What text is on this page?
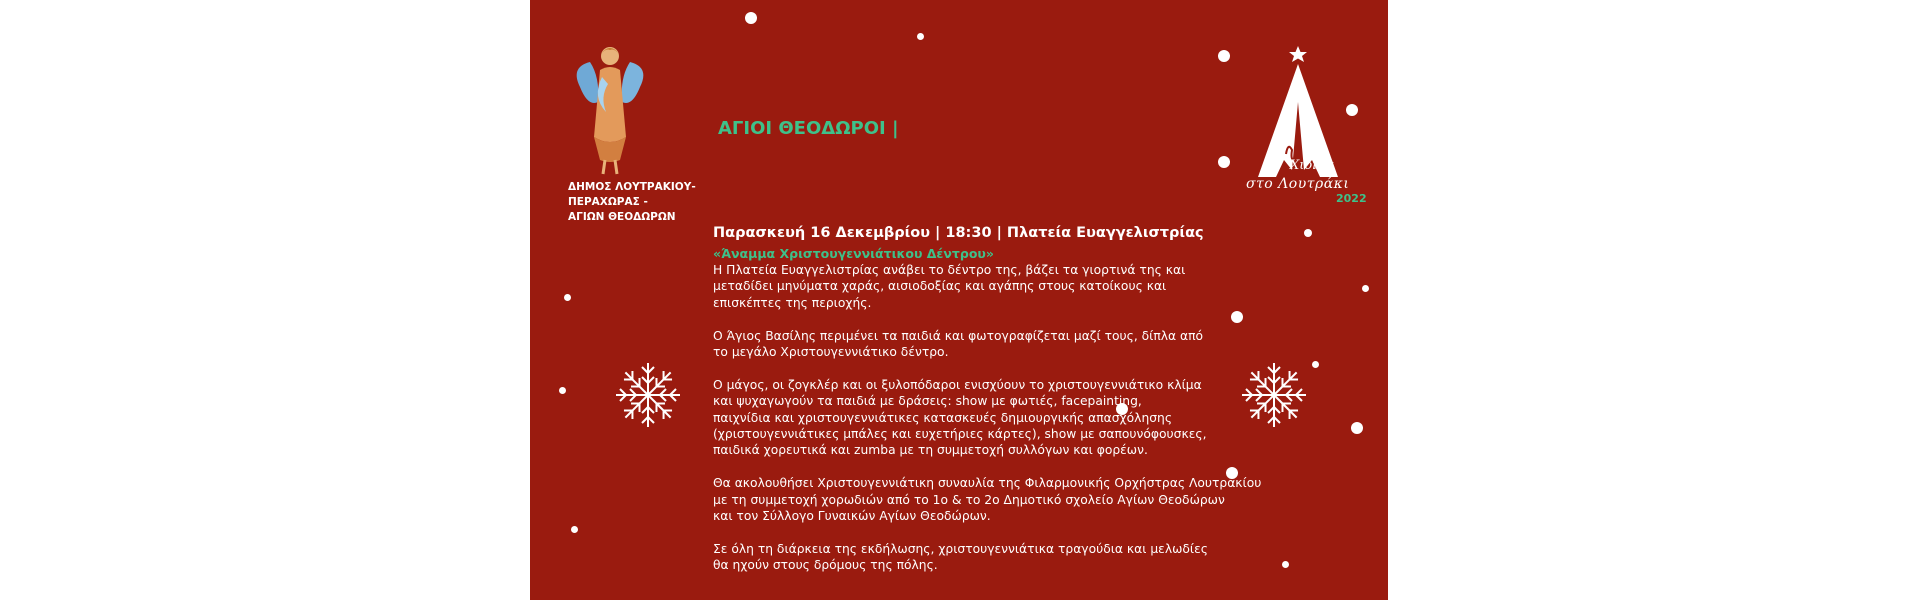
ΔΗΜΟΣ ΛΟΥΤΡΑΚΙΟΥ-
ΠΕΡΑΧΩΡΑΣ -
ΑΓΙΩΝ ΘΕΟΔΩΡΩΝ
ΑΓΙΟΙ ΘΕΟΔΩΡΟΙ |
Παρασκευή 16 Δεκεμβρίου | 18:30 | Πλατεία Ευαγγελιστρίας
«Άναμμα Χριστουγεννιάτικου Δέντρου»

Η Πλατεία Ευαγγελιστρίας ανάβει το δέντρο της, βάζει τα γιορτινά της και
μεταδίδει μηνύματα χαράς, αισιοδοξίας και αγάπης στους κατοίκους και
επισκέπτες της περιοχής.

Ο Άγιος Βασίλης περιμένει τα παιδιά και φωτογραφίζεται μαζί τους, δίπλα από
το μεγάλο Χριστουγεννιάτικο δέντρο.

Ο μάγος, οι ζογκλέρ και οι ξυλοπόδαροι ενισχύουν το χριστουγεννιάτικο κλίμα
και ψυχαγωγούν τα παιδιά με δράσεις: show με φωτιές, facepainting,
παιχνίδια και χριστουγεννιάτικες κατασκευές δημιουργικής απασχόλησης
(χριστουγεννιάτικες μπάλες και ευχετήριες κάρτες), show με σαπουνόφουσκες,
παιδικά χορευτικά και zumba με τη συμμετοχή συλλόγων και φορέων.

Θα ακολουθήσει Χριστουγεννιάτικη συναυλία της Φιλαρμονικής Ορχήστρας Λουτρακίου
με τη συμμετοχή χορωδιών από το 1ο & το 2ο Δημοτικό σχολείο Αγίων Θεοδώρων
και τον Σύλλογο Γυναικών Αγίων Θεοδώρων.

Σε όλη τη διάρκεια της εκδήλωσης, χριστουγεννιάτικα τραγούδια και μελωδίες
θα ηχούν στους δρόμους της πόλης.

Χιόνια
στο Λουτράκι
2022
